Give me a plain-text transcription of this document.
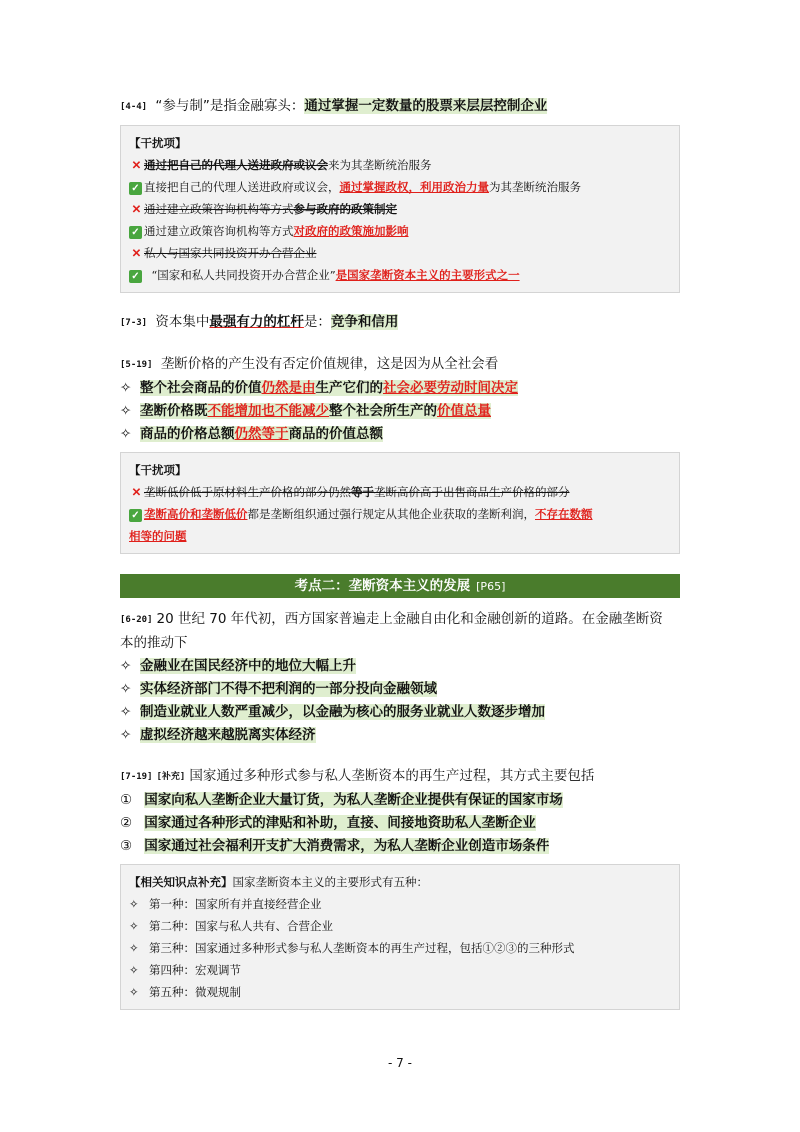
[4-4] “参与制”是指金融寡头：通过掌握一定数量的股票来层层控制企业

【干扰项】
✕ 通过把自己的代理人送进政府或议会来为其垄断统治服务
✓ 直接把自己的代理人送进政府或议会，通过掌握政权，利用政治力量为其垄断统治服务
✕ 通过建立政策咨询机构等方式参与政府的政策制定
✓ 通过建立政策咨询机构等方式对政府的政策施加影响
✕ 私人与国家共同投资开办合营企业
✓ “国家和私人共同投资开办合营企业”是国家垄断资本主义的主要形式之一

[7-3] 资本集中最强有力的杠杆是：竞争和信用

[5-19] 垄断价格的产生没有否定价值规律，这是因为从全社会看

✧ 整个社会商品的价值仍然是由生产它们的社会必要劳动时间决定

✧ 垄断价格既不能增加也不能减少整个社会所生产的价值总量

✧ 商品的价格总额仍然等于商品的价值总额

【干扰项】
✕ 垄断低价低于原材料生产价格的部分仍然等于垄断高价高于出售商品生产价格的部分
✓ 垄断高价和垄断低价都是垄断组织通过强行规定从其他企业获取的垄断利润，不存在数额
相等的问题
考点二：垄断资本主义的发展 [P65]

[6-20] 20 世纪 70 年代初，西方国家普遍走上金融自由化和金融创新的道路。在金融垄断资

本的推动下

✧ 金融业在国民经济中的地位大幅上升

✧ 实体经济部门不得不把利润的一部分投向金融领域

✧ 制造业就业人数严重减少，以金融为核心的服务业就业人数逐步增加

✧ 虚拟经济越来越脱离实体经济

[7-19] [补充] 国家通过多种形式参与私人垄断资本的再生产过程，其方式主要包括

① 国家向私人垄断企业大量订货，为私人垄断企业提供有保证的国家市场

② 国家通过各种形式的津贴和补助，直接、间接地资助私人垄断企业

③ 国家通过社会福利开支扩大消费需求，为私人垄断企业创造市场条件

【相关知识点补充】国家垄断资本主义的主要形式有五种：
✧ 第一种：国家所有并直接经营企业
✧ 第二种：国家与私人共有、合营企业
✧ 第三种：国家通过多种形式参与私人垄断资本的再生产过程，包括①②③的三种形式
✧ 第四种：宏观调节
✧ 第五种：微观规制
- 7 -
